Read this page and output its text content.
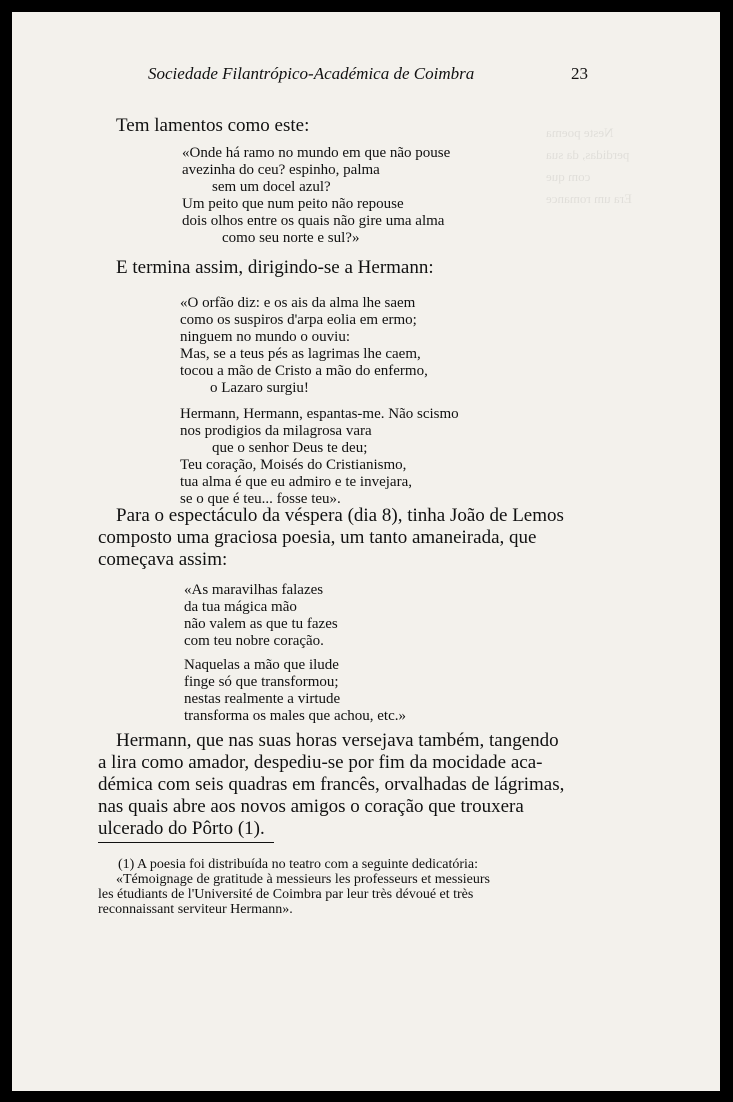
Neste poema
perdidas, da sua
com que
Era um romance
Sociedade Filantrópico-Académica de Coimbra	23
Tem lamentos como este:
«Onde há ramo no mundo em que não pouse
avezinha do ceu? espinho, palma
sem um docel azul?
Um peito que num peito não repouse
dois olhos entre os quais não gire uma alma
como seu norte e sul?»
E termina assim, dirigindo-se a Hermann:
«O orfão diz: e os ais da alma lhe saem
como os suspiros d'arpa eolia em ermo;
ninguem no mundo o ouviu:
Mas, se a teus pés as lagrimas lhe caem,
tocou a mão de Cristo a mão do enfermo,
o Lazaro surgiu!
Hermann, Hermann, espantas-me. Não scismo
nos prodigios da milagrosa vara
que o senhor Deus te deu;
Teu coração, Moisés do Cristianismo,
tua alma é que eu admiro e te invejara,
se o que é teu... fosse teu».
Para o espectáculo da véspera (dia 8), tinha João de Lemos
composto uma graciosa poesia, um tanto amaneirada, que
começava assim:
«As maravilhas falazes
da tua mágica mão
não valem as que tu fazes
com teu nobre coração.
Naquelas a mão que ilude
finge só que transformou;
nestas realmente a virtude
transforma os males que achou, etc.»
Hermann, que nas suas horas versejava também, tangendo
a lira como amador, despediu-se por fim da mocidade aca-
démica com seis quadras em francês, orvalhadas de lágrimas,
nas quais abre aos novos amigos o coração que trouxera
ulcerado do Pôrto (1).
(1) A poesia foi distribuída no teatro com a seguinte dedicatória:
«Témoignage de gratitude à messieurs les professeurs et messieurs
les étudiants de l'Université de Coimbra par leur très dévoué et très
reconnaissant serviteur Hermann».
